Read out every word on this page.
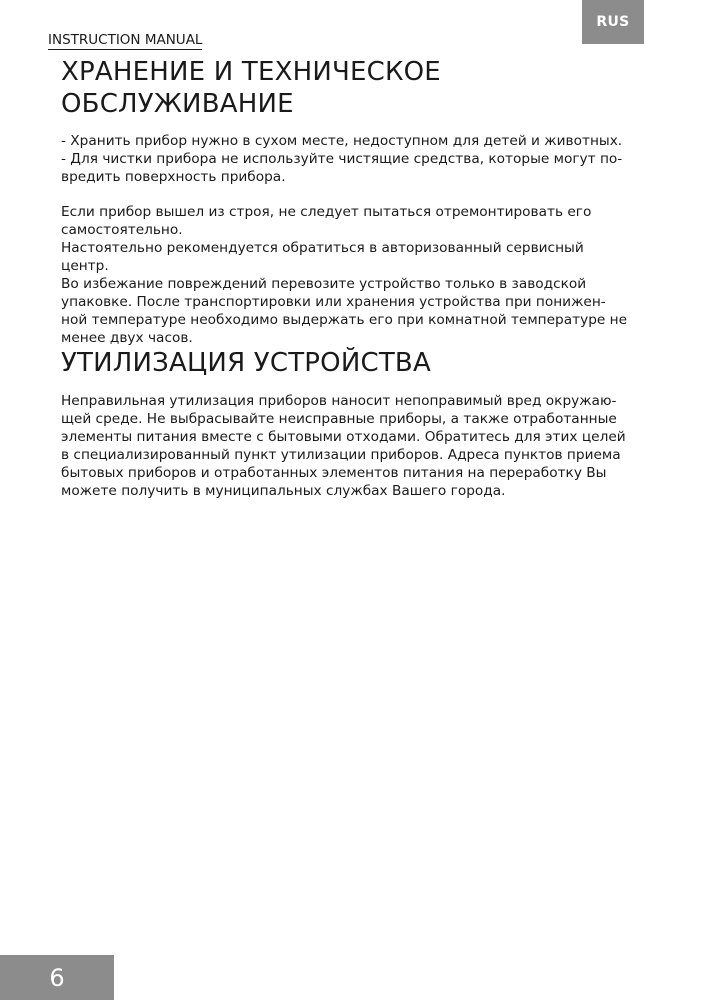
RUS
INSTRUCTION MANUAL
ХРАНЕНИЕ И ТЕХНИЧЕСКОЕ
ОБСЛУЖИВАНИЕ

- Хранить прибор нужно в сухом месте, недоступном для детей и животных.
- Для чистки прибора не используйте чистящие средства, которые могут по-
вредить поверхность прибора.

Если прибор вышел из строя, не следует пытаться отремонтировать его
самостоятельно.
Настоятельно рекомендуется обратиться в авторизованный сервисный
центр.
Во избежание повреждений перевозите устройство только в заводской
упаковке. После транспортировки или хранения устройства при понижен-
ной температуре необходимо выдержать его при комнатной температуре не
менее двух часов.

УТИЛИЗАЦИЯ УСТРОЙСТВА

Неправильная утилизация приборов наносит непоправимый вред окружаю-
щей среде. Не выбрасывайте неисправные приборы, а также отработанные
элементы питания вместе с бытовыми отходами. Обратитесь для этих целей
в специализированный пункт утилизации приборов. Адреса пунктов приема
бытовых приборов и отработанных элементов питания на переработку Вы
можете получить в муниципальных службах Вашего города.

6
